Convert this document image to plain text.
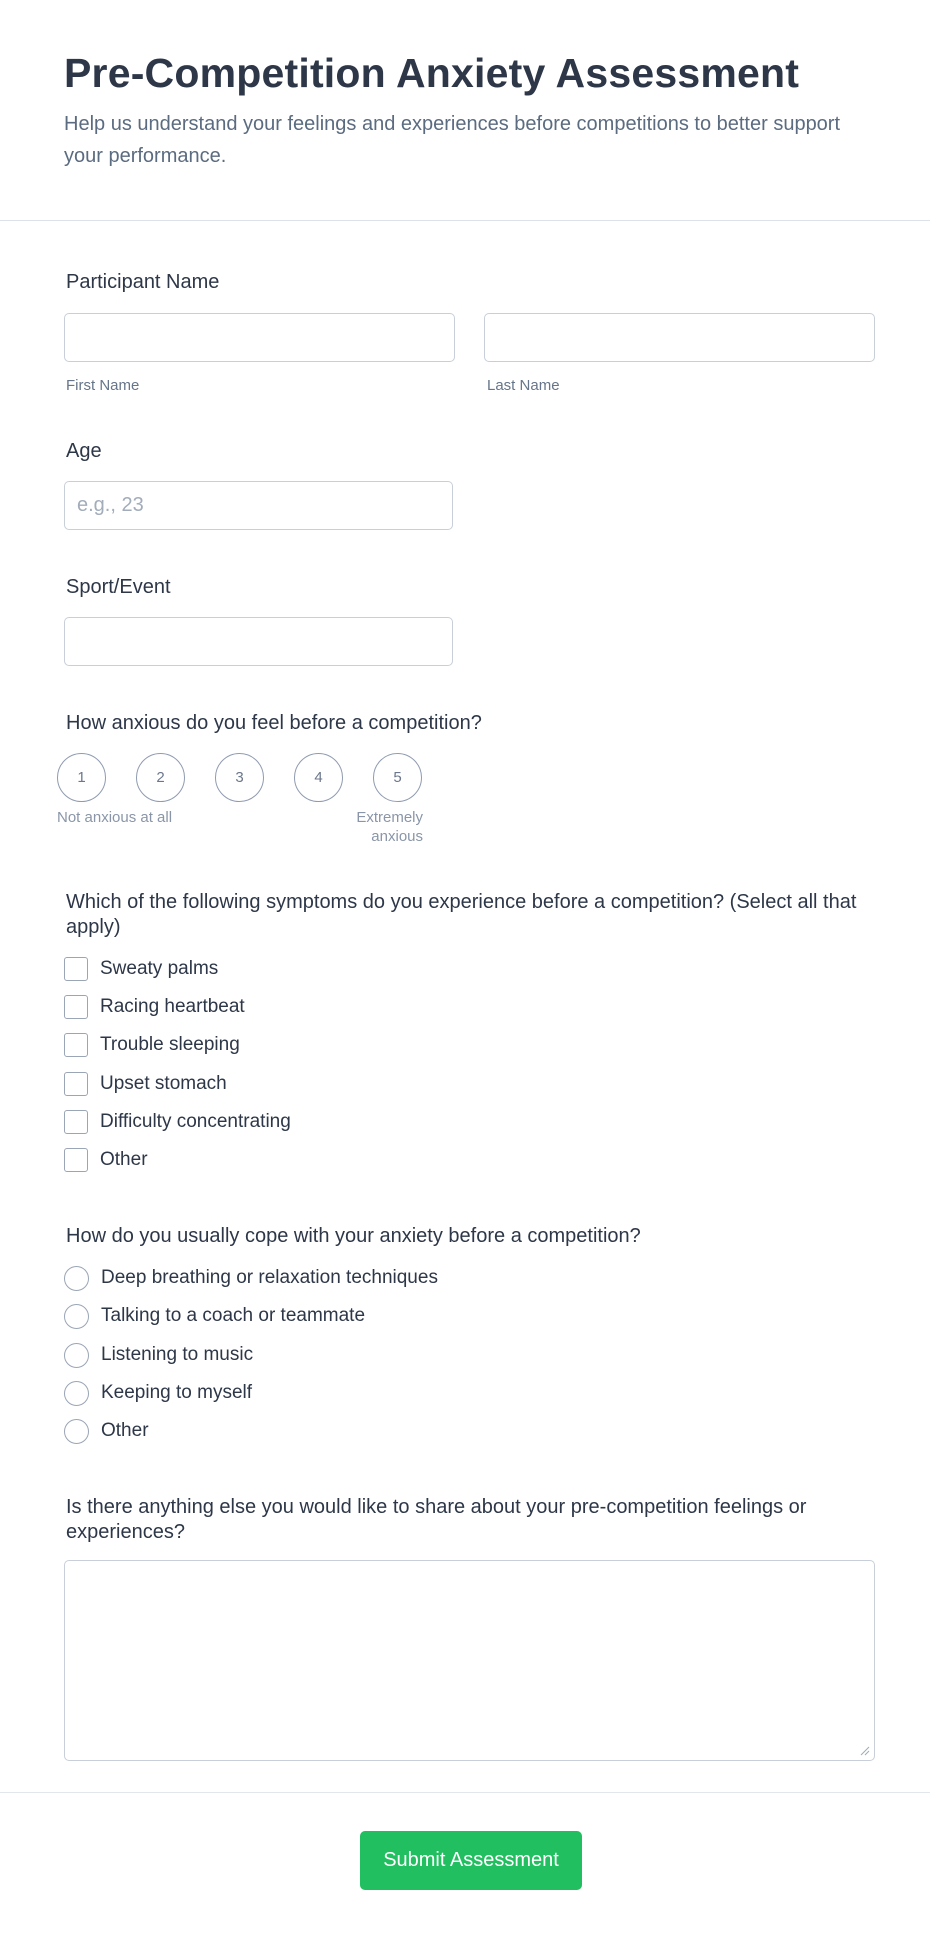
Pre-Competition Anxiety Assessment

Help us understand your feelings and experiences before competitions to better support your performance.

Participant Name
First Name	Last Name
Age
e.g., 23
Sport/Event
How anxious do you feel before a competition?
1	2	3	4	5
Not anxious at all	Extremely anxious
Which of the following symptoms do you experience before a competition? (Select all that apply)
Sweaty palms
Racing heartbeat
Trouble sleeping
Upset stomach
Difficulty concentrating
Other
How do you usually cope with your anxiety before a competition?
Deep breathing or relaxation techniques
Talking to a coach or teammate
Listening to music
Keeping to myself
Other
Is there anything else you would like to share about your pre-competition feelings or experiences?
Submit Assessment
